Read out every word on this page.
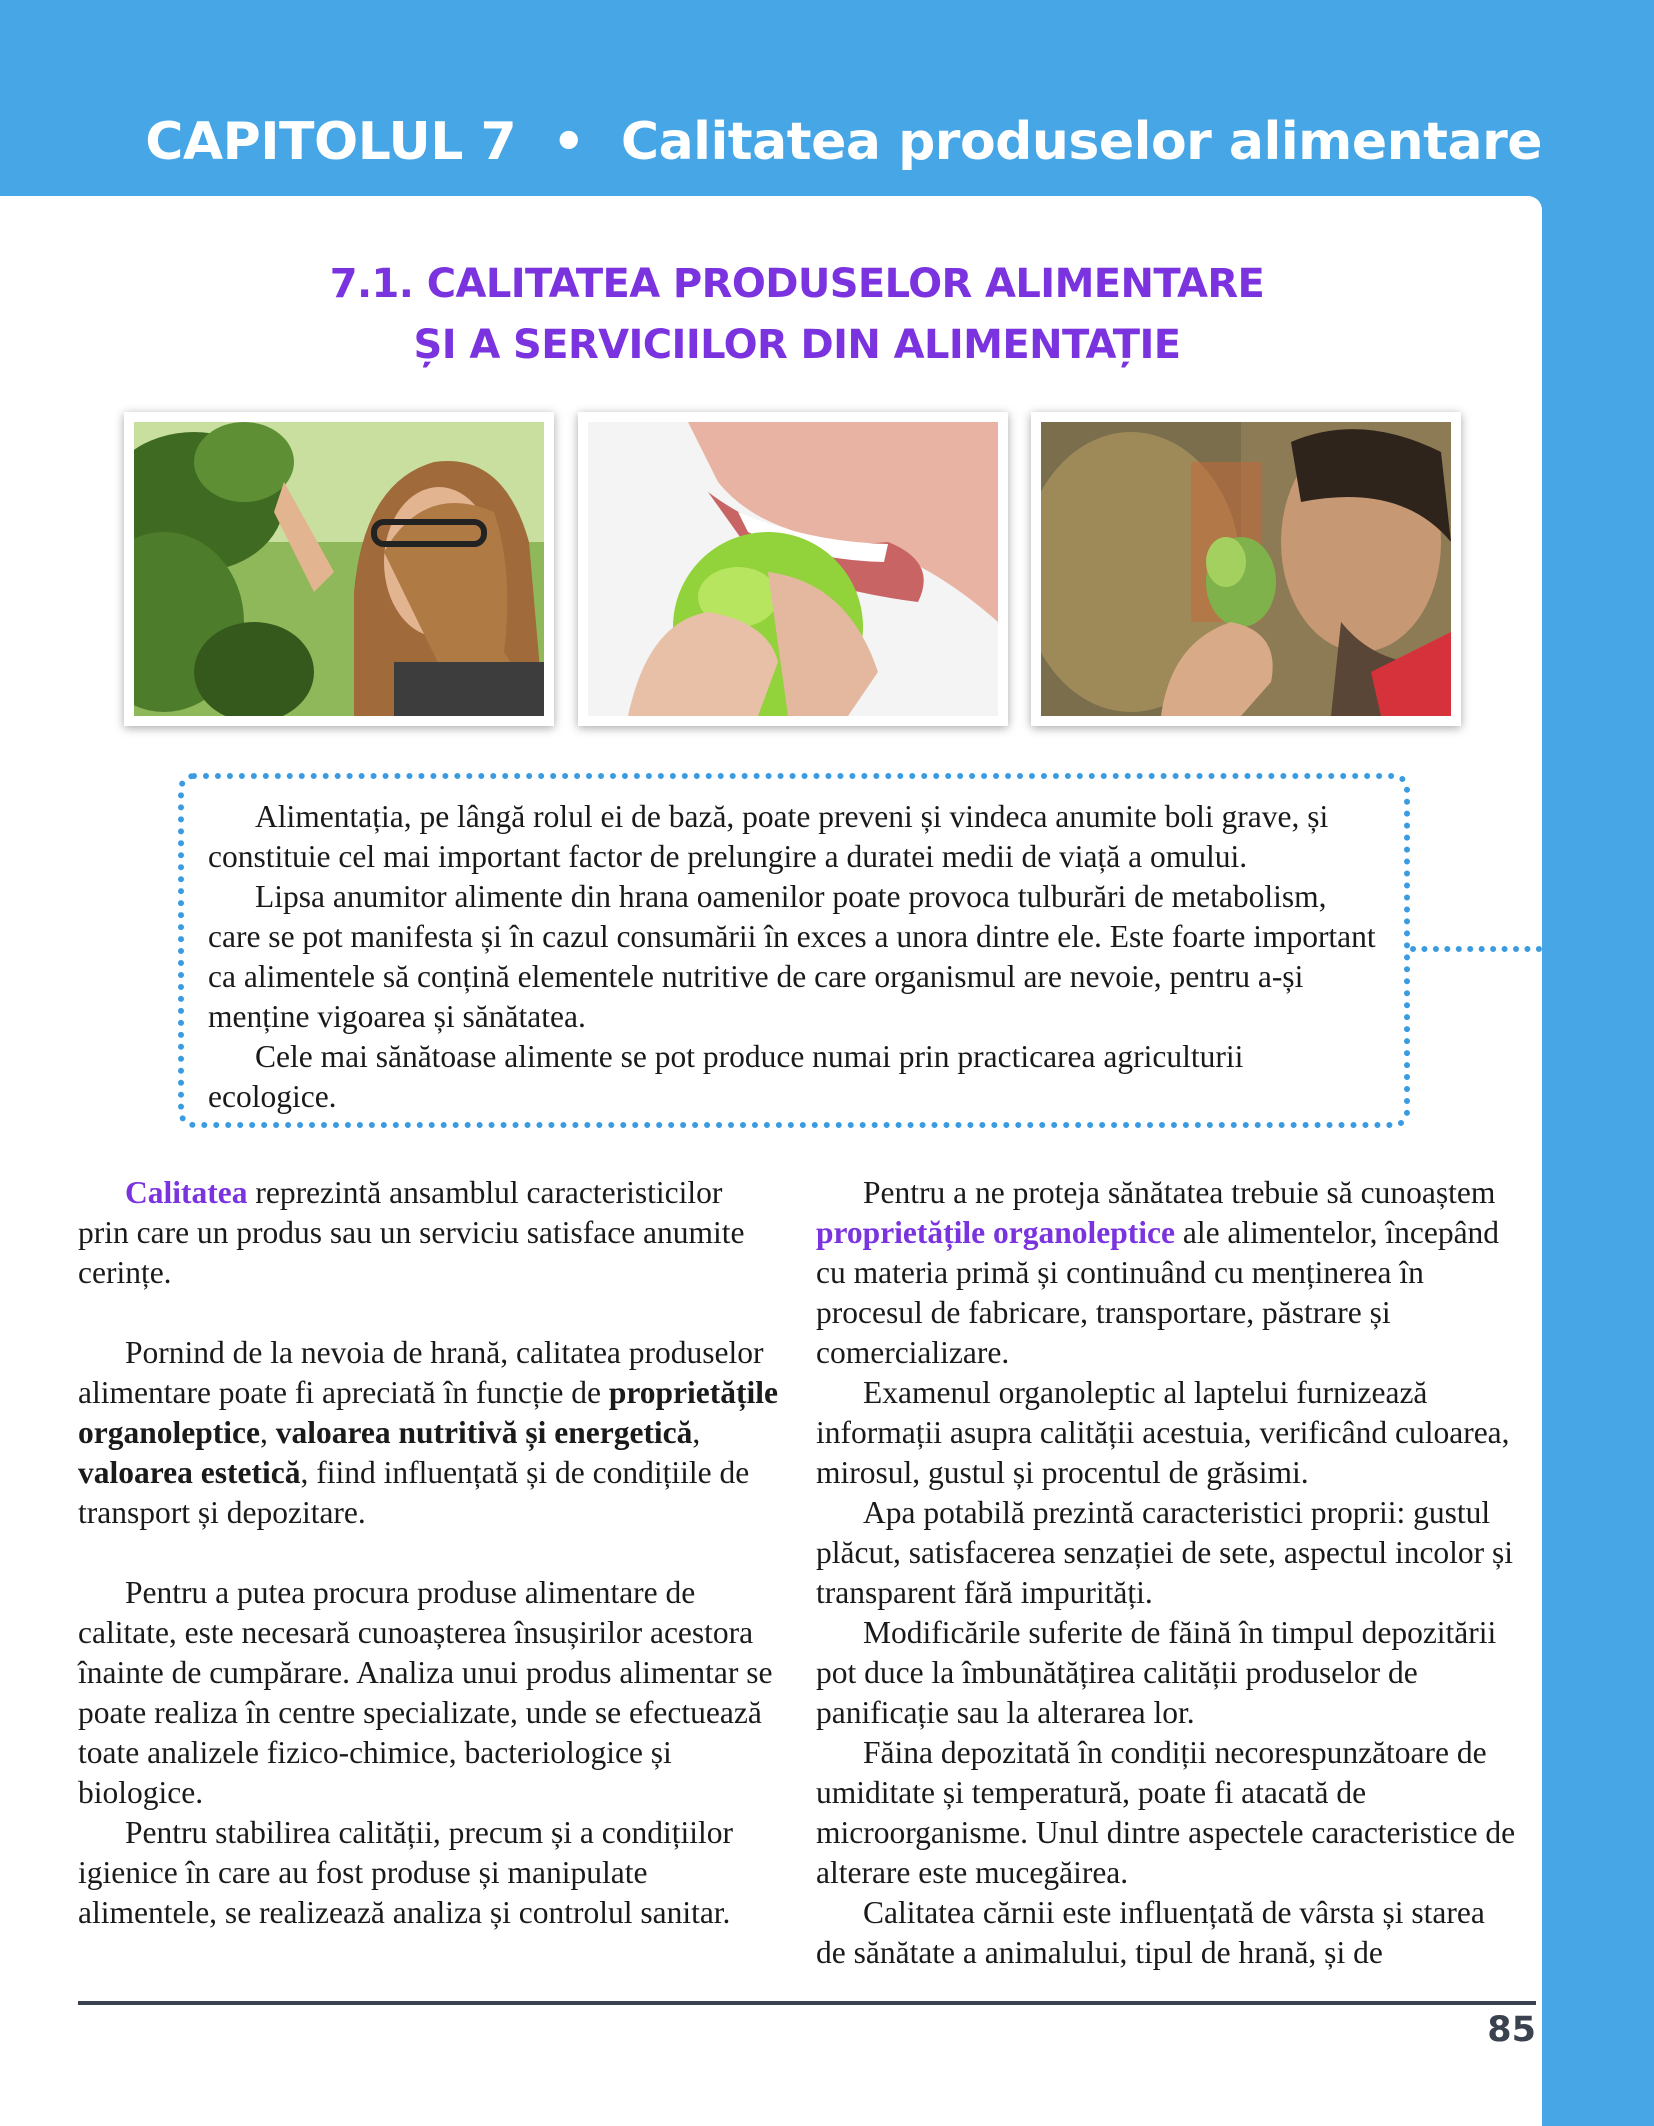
CAPITOLUL 7 • Calitatea produselor alimentare
7.1. CALITATEA PRODUSELOR ALIMENTARE
ȘI A SERVICIILOR DIN ALIMENTAȚIE

Alimentația, pe lângă rolul ei de bază, poate preveni și vindeca anumite boli grave, și constituie cel mai important factor de prelungire a duratei medii de viață a omului.

Lipsa anumitor alimente din hrana oamenilor poate provoca tulburări de metabolism, care se pot manifesta și în cazul consumării în exces a unora dintre ele. Este foarte important ca alimentele să conțină elementele nutritive de care organismul are nevoie, pentru a-și menține vigoarea și sănătatea.

Cele mai sănătoase alimente se pot produce numai prin practicarea agriculturii ecologice.

Calitatea reprezintă ansamblul caracteristicilor prin care un produs sau un serviciu satisface anumite cerințe.

Pornind de la nevoia de hrană, calitatea produselor alimentare poate fi apreciată în funcție de proprietățile organoleptice, valoarea nutritivă și energetică, valoarea estetică, fiind influențată și de condițiile de transport și depozitare.

Pentru a putea procura produse alimentare de calitate, este necesară cunoașterea însușirilor acestora înainte de cumpărare. Analiza unui produs alimentar se poate realiza în centre specializate, unde se efectuează toate analizele fizico-chimice, bacteriologice și biologice.

Pentru stabilirea calității, precum și a condițiilor igienice în care au fost produse și manipulate alimentele, se realizează analiza și controlul sanitar.

Pentru a ne proteja sănătatea trebuie să cunoaștem proprietățile organoleptice ale alimentelor, începând cu materia primă și continuând cu menținerea în procesul de fabricare, transportare, păstrare și comercializare.

Examenul organoleptic al laptelui furnizează informații asupra calității acestuia, verificând culoarea, mirosul, gustul și procentul de grăsimi.

Apa potabilă prezintă caracteristici proprii: gustul plăcut, satisfacerea senzației de sete, aspectul incolor și transparent fără impurități.

Modificările suferite de făină în timpul depozitării pot duce la îmbunătățirea calității produselor de panificație sau la alterarea lor.

Făina depozitată în condiții necorespunzătoare de umiditate și temperatură, poate fi atacată de microorganisme. Unul dintre aspectele caracteristice de alterare este mucegăirea.

Calitatea cărnii este influențată de vârsta și starea de sănătate a animalului, tipul de hrană, și de

85
